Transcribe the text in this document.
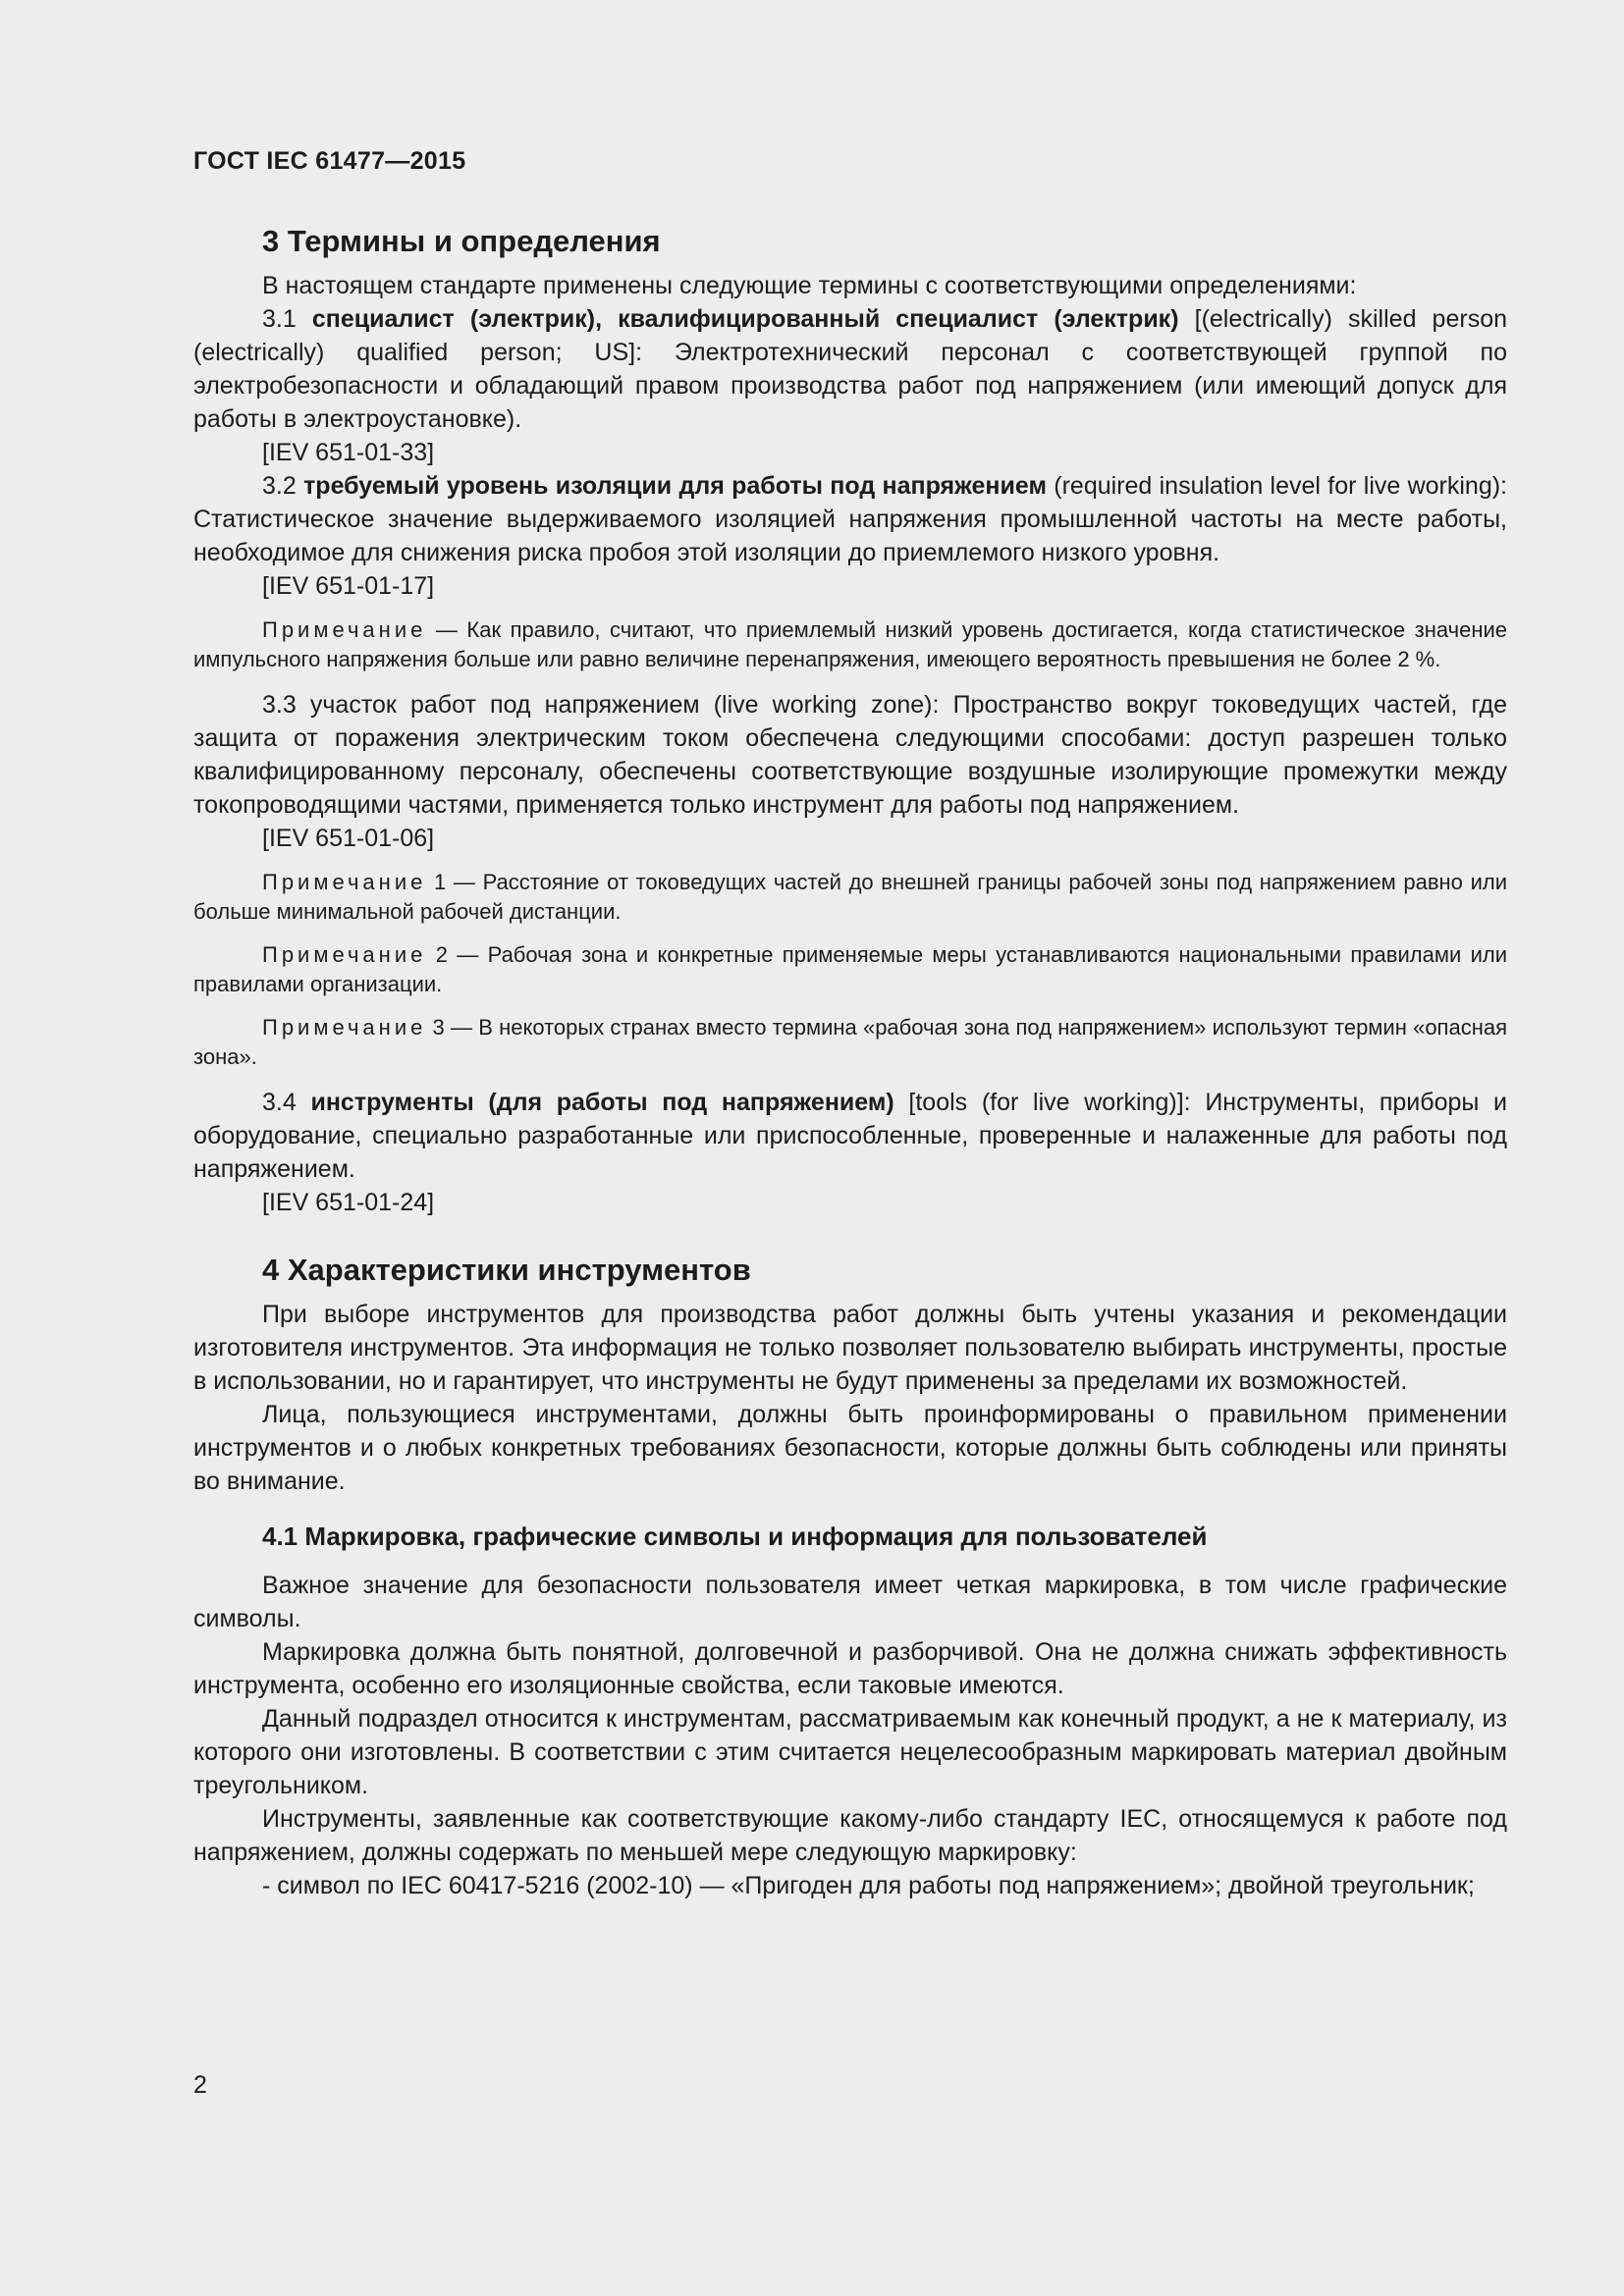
ГОСТ IEC 61477—2015
3 Термины и определения

В настоящем стандарте применены следующие термины с соответствующими определениями:

3.1 специалист (электрик), квалифицированный специалист (электрик) [(electrically) skilled person (electrically) qualified person; US]: Электротехнический персонал с соответствующей группой по электробезопасности и обладающий правом производства работ под напряжением (или имеющий допуск для работы в электроустановке).

[IEV 651-01-33]

3.2 требуемый уровень изоляции для работы под напряжением (required insulation level for live working): Статистическое значение выдерживаемого изоляцией напряжения промышленной частоты на месте работы, необходимое для снижения риска пробоя этой изоляции до приемлемого низкого уровня.

[IEV 651-01-17]

Примечание — Как правило, считают, что приемлемый низкий уровень достигается, когда статистическое значение импульсного напряжения больше или равно величине перенапряжения, имеющего вероятность превышения не более 2 %.

3.3 участок работ под напряжением (live working zone): Пространство вокруг токоведущих частей, где защита от поражения электрическим током обеспечена следующими способами: доступ разрешен только квалифицированному персоналу, обеспечены соответствующие воздушные изолирующие промежутки между токопроводящими частями, применяется только инструмент для работы под напряжением.

[IEV 651-01-06]

Примечание 1 — Расстояние от токоведущих частей до внешней границы рабочей зоны под напряжением равно или больше минимальной рабочей дистанции.

Примечание 2 — Рабочая зона и конкретные применяемые меры устанавливаются национальными правилами или правилами организации.

Примечание 3 — В некоторых странах вместо термина «рабочая зона под напряжением» используют термин «опасная зона».

3.4 инструменты (для работы под напряжением) [tools (for live working)]: Инструменты, приборы и оборудование, специально разработанные или приспособленные, проверенные и налаженные для работы под напряжением.

[IEV 651-01-24]

4 Характеристики инструментов

При выборе инструментов для производства работ должны быть учтены указания и рекомендации изготовителя инструментов. Эта информация не только позволяет пользователю выбирать инструменты, простые в использовании, но и гарантирует, что инструменты не будут применены за пределами их возможностей.

Лица, пользующиеся инструментами, должны быть проинформированы о правильном применении инструментов и о любых конкретных требованиях безопасности, которые должны быть соблюдены или приняты во внимание.

4.1 Маркировка, графические символы и информация для пользователей

Важное значение для безопасности пользователя имеет четкая маркировка, в том числе графические символы.

Маркировка должна быть понятной, долговечной и разборчивой. Она не должна снижать эффективность инструмента, особенно его изоляционные свойства, если таковые имеются.

Данный подраздел относится к инструментам, рассматриваемым как конечный продукт, а не к материалу, из которого они изготовлены. В соответствии с этим считается нецелесообразным маркировать материал двойным треугольником.

Инструменты, заявленные как соответствующие какому-либо стандарту IEC, относящемуся к работе под напряжением, должны содержать по меньшей мере следующую маркировку:

- символ по IEC 60417-5216 (2002-10) — «Пригоден для работы под напряжением»; двойной треугольник;

2
